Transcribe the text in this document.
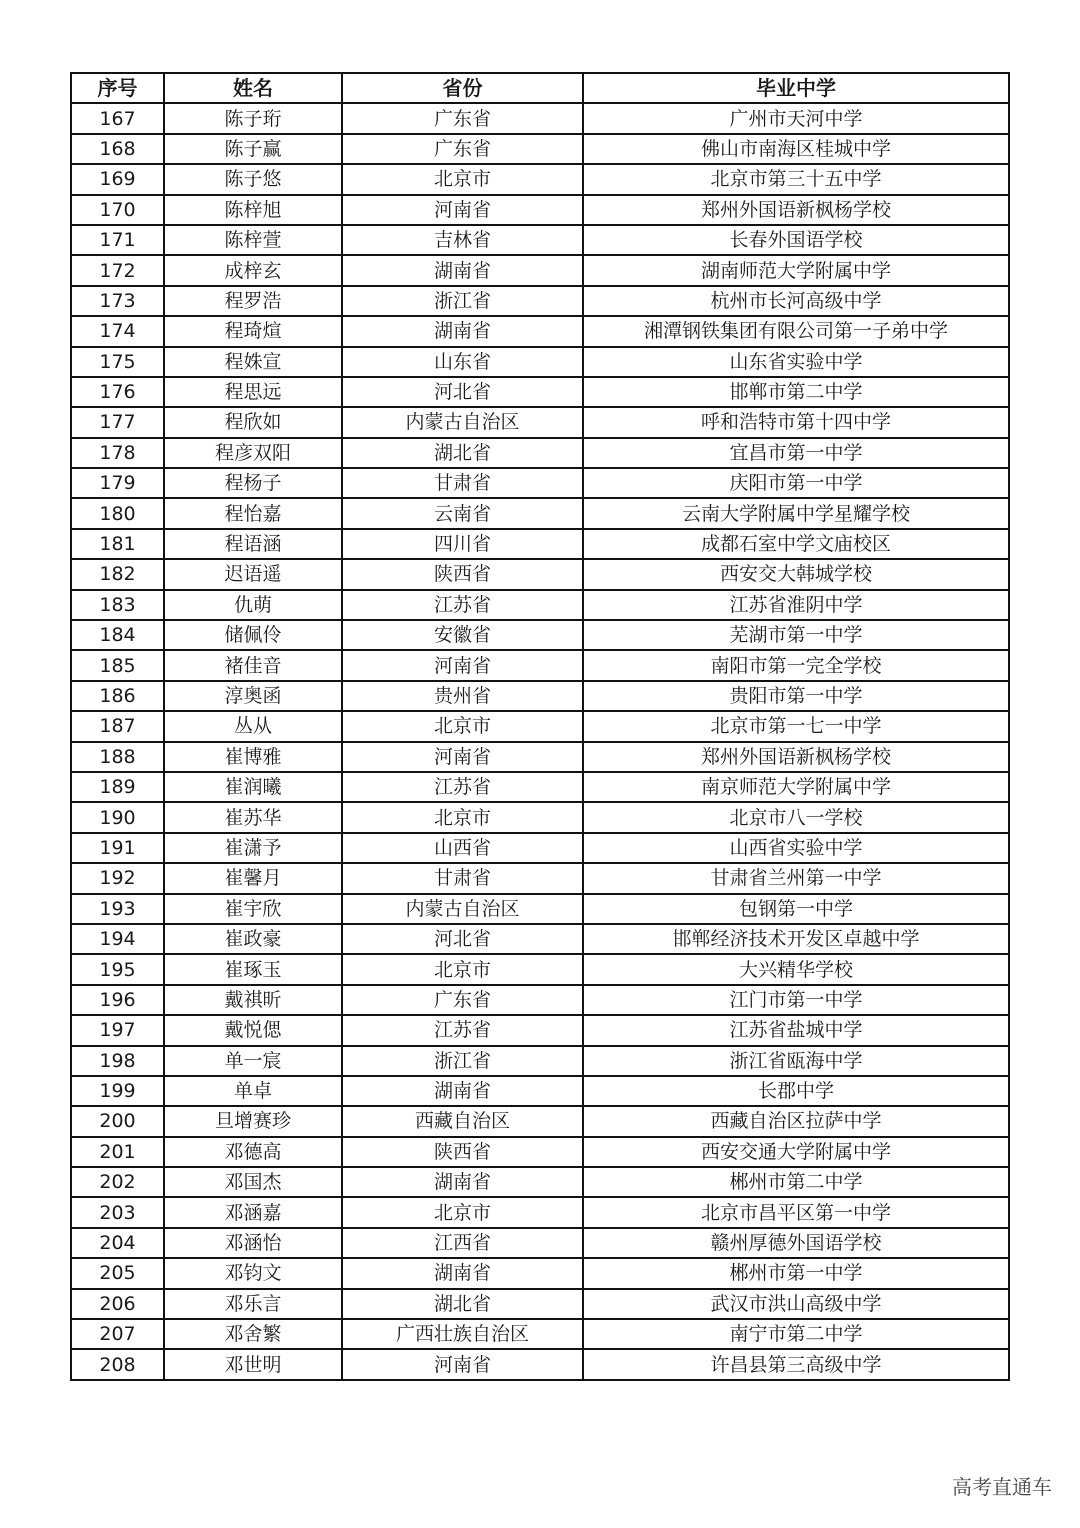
序号	姓名	省份	毕业中学
167	陈子珩	广东省	广州市天河中学
168	陈子赢	广东省	佛山市南海区桂城中学
169	陈子悠	北京市	北京市第三十五中学
170	陈梓旭	河南省	郑州外国语新枫杨学校
171	陈梓萱	吉林省	长春外国语学校
172	成梓玄	湖南省	湖南师范大学附属中学
173	程罗浩	浙江省	杭州市长河高级中学
174	程琦煊	湖南省	湘潭钢铁集团有限公司第一子弟中学
175	程姝宣	山东省	山东省实验中学
176	程思远	河北省	邯郸市第二中学
177	程欣如	内蒙古自治区	呼和浩特市第十四中学
178	程彦双阳	湖北省	宜昌市第一中学
179	程杨子	甘肃省	庆阳市第一中学
180	程怡嘉	云南省	云南大学附属中学星耀学校
181	程语涵	四川省	成都石室中学文庙校区
182	迟语遥	陕西省	西安交大韩城学校
183	仇萌	江苏省	江苏省淮阴中学
184	储佩伶	安徽省	芜湖市第一中学
185	褚佳音	河南省	南阳市第一完全学校
186	淳奥函	贵州省	贵阳市第一中学
187	丛从	北京市	北京市第一七一中学
188	崔博雅	河南省	郑州外国语新枫杨学校
189	崔润曦	江苏省	南京师范大学附属中学
190	崔苏华	北京市	北京市八一学校
191	崔潇予	山西省	山西省实验中学
192	崔馨月	甘肃省	甘肃省兰州第一中学
193	崔宇欣	内蒙古自治区	包钢第一中学
194	崔政豪	河北省	邯郸经济技术开发区卓越中学
195	崔琢玉	北京市	大兴精华学校
196	戴祺昕	广东省	江门市第一中学
197	戴悦偲	江苏省	江苏省盐城中学
198	单一宸	浙江省	浙江省瓯海中学
199	单卓	湖南省	长郡中学
200	旦增赛珍	西藏自治区	西藏自治区拉萨中学
201	邓德高	陕西省	西安交通大学附属中学
202	邓国杰	湖南省	郴州市第二中学
203	邓涵嘉	北京市	北京市昌平区第一中学
204	邓涵怡	江西省	赣州厚德外国语学校
205	邓钧文	湖南省	郴州市第一中学
206	邓乐言	湖北省	武汉市洪山高级中学
207	邓舍繁	广西壮族自治区	南宁市第二中学
208	邓世明	河南省	许昌县第三高级中学
高考直通车
